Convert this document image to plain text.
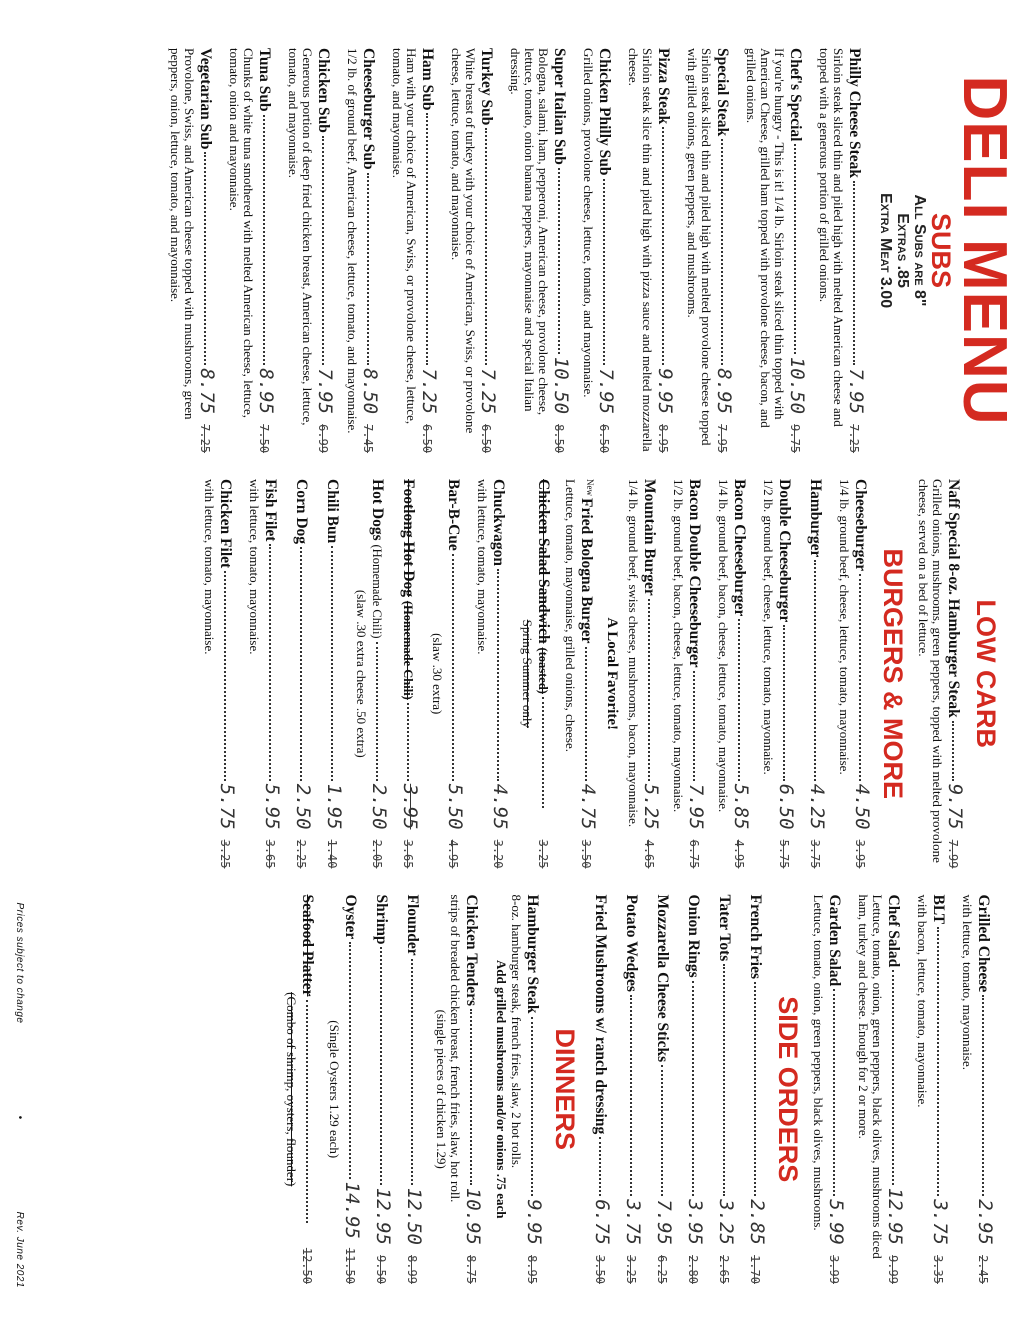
DELI MENU
SUBS
All Subs are 8"
Extras .85
Extra Meat 3.00
Philly Cheese Steak
7.957.25
Sirloin steak sliced thin and piled high with melted American cheese and topped with a generous portion of grilled onions.
Chef's Special
10.509.75
If you're hungry - This is it! 1/4 lb. Sirloin steak sliced thin topped with American Cheese, grilled ham topped with provolone cheese, bacon, and grilled onions.
Special Steak
8.957.95
Sirloin steak sliced thin and piled high with melted provolone cheese topped with grilled onions, green peppers, and mushrooms.
Pizza Steak
9.958.95
Sirloin steak slice thin and piled high with pizza sauce and melted mozzarella cheese.
Chicken Philly Sub
7.956.50
Grilled onions, provolone cheese, lettuce, tomato, and mayonnaise.
Super Italian Sub
10.508.50
Bologna, salami, ham, pepperoni, American cheese, provolone cheese, lettuce, tomato, onion banana peppers, mayonnaise and special Italian dressing.
Turkey Sub
7.256.50
White breast of turkey with your choice of American, Swiss, or provolone cheese, lettuce, tomato, and mayonnaise.
Ham Sub
7.256.50
Ham with your choice of American, Swiss, or provolone cheese, lettuce, tomato, and mayonnaise.
Cheeseburger Sub
8.507.45
1/2 lb. of ground beef, American cheese, lettuce, tomato, and mayonnaise.
Chicken Sub
7.956.99
Generous portion of deep fried chicken breast, American cheese, lettuce, tomato, and mayonnaise.
Tuna Sub
8.957.50
Chunks of white tuna smothered with melted American cheese, lettuce, tomato, onion and mayonnaise.
Vegetarian Sub
8.757.25
Provolone, Swiss, and American cheese topped with mushrooms, green peppers, onion, lettuce, tomato, and mayonnaise.
LOW CARB
Naff Special 8-oz. Hamburger Steak
9.757.99
Grilled onions, mushrooms, green peppers, topped with melted provolone cheese, served on a bed of lettuce.
BURGERS & MORE
Cheeseburger
4.503.95
1/4 lb. ground beef, cheese, lettuce, tomato, mayonnaise.
Hamburger
4.253.75
Double Cheeseburger
6.505.75
1/2 lb. ground beef, cheese, lettuce, tomato, mayonnaise.
Bacon Cheeseburger
5.854.95
1/4 lb. ground beef, bacon, cheese, lettuce, tomato, mayonnaise.
Bacon Double Cheeseburger
7.956.75
1/2 lb. ground beef, bacon, cheese, lettuce, tomato, mayonnaise.
Mountain Burger
5.254.65
1/4 lb. ground beef, swiss cheese, mushrooms, bacon, mayonnaise.
A Local Favorite!
$^{New}$Fried Bologna Burger
4.753.50
Lettuce, tomato, mayonnaise, grilled onions, cheese.
Chicken Salad Sandwich (toasted)
3.25
Spring Summer only
Chuckwagon
4.953.20
with lettuce, tomato, mayonnaise.
Bar-B-Cue
5.504.95
(slaw .30 extra)
Footlong Hot Dog (Homemade Chili)
3.953.65
Hot Dogs (Homemade Chili)
2.502.05
(slaw .30 extra cheese .50 extra)
Chili Bun
1.951.40
Corn Dog
2.502.25
Fish Filet
5.953.65
with lettuce, tomato, mayonnaise.
Chicken Filet
5.753.25
with lettuce, tomato, mayonnaise.
Grilled Cheese
2.952.45
with lettuce, tomato, mayonnaise.
BLT
3.753.35
with bacon, lettuce, tomato, mayonnaise.
Chef Salad
12.959.99
Lettuce, tomato, onion, green peppers, black olives, mushrooms diced ham, turkey and cheese. Enough for 2 or more.
Garden Salad
5.993.99
Lettuce, tomato, onion, green peppers, black olives, mushrooms.
SIDE ORDERS
French Fries
2.851.70
Tater Tots
3.252.65
Onion Rings
3.952.80
Mozzarella Cheese Sticks
7.956.25
Potato Wedges
3.753.25
Fried Mushrooms w/ ranch dressing
6.753.50
DINNERS
Hamburger Steak
9.958.95
8-oz. hamburger steak, french fries, slaw, 2 hot rolls.
Add grilled mushrooms and/or onions .75 each
Chicken Tenders
10.958.75
strips of breaded chicken breast, french fries, slaw, hot roll.
(single pieces of chicken 1.29)
Flounder
12.508.99
Shrimp
12.959.50
Oyster
14.9511.50
(Single Oysters 1.29 each)
Seafood Platter
12.50
(Combo of shrimp, oysters, flounder)
Prices subject to change
•
Rev. June 2021
